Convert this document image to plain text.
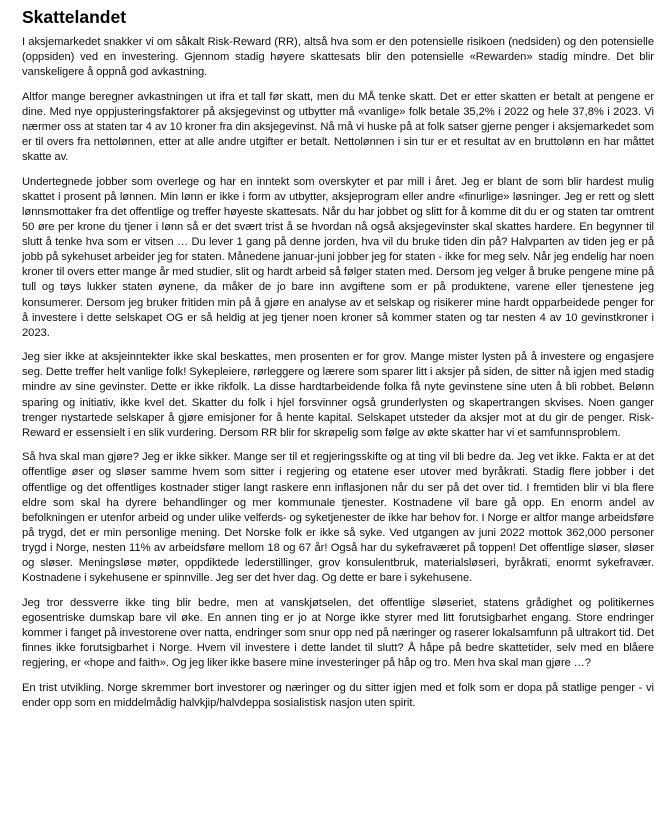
Skattelandet

I aksjemarkedet snakker vi om såkalt Risk-Reward (RR), altså hva som er den potensielle risikoen (nedsiden) og den potensielle (oppsiden) ved en investering. Gjennom stadig høyere skattesats blir den potensielle «Rewarden» stadig mindre. Det blir vanskeligere å oppnå god avkastning.

Altfor mange beregner avkastningen ut ifra et tall før skatt, men du MÅ tenke skatt. Det er etter skatten er betalt at pengene er dine. Med nye oppjusteringsfaktorer på aksjegevinst og utbytter må «vanlige» folk betale 35,2% i 2022 og hele 37,8% i 2023. Vi nærmer oss at staten tar 4 av 10 kroner fra din aksjegevinst. Nå må vi huske på at folk satser gjerne penger i aksjemarkedet som er til overs fra nettolønnen, etter at alle andre utgifter er betalt. Nettolønnen i sin tur er et resultat av en bruttolønn en har måttet skatte av.

Undertegnede jobber som overlege og har en inntekt som overskyter et par mill i året. Jeg er blant de som blir hardest mulig skattet i prosent på lønnen. Min lønn er ikke i form av utbytter, aksjeprogram eller andre «finurlige» løsninger. Jeg er rett og slett lønnsmottaker fra det offentlige og treffer høyeste skattesats. Når du har jobbet og slitt for å komme dit du er og staten tar omtrent 50 øre per krone du tjener i lønn så er det svært trist å se hvordan nå også aksjegevinster skal skattes hardere. En begynner til slutt å tenke hva som er vitsen … Du lever 1 gang på denne jorden, hva vil du bruke tiden din på? Halvparten av tiden jeg er på jobb på sykehuset arbeider jeg for staten. Månedene januar-juni jobber jeg for staten - ikke for meg selv. Når jeg endelig har noen kroner til overs etter mange år med studier, slit og hardt arbeid så følger staten med. Dersom jeg velger å bruke pengene mine på tull og tøys lukker staten øynene, da måker de jo bare inn avgiftene som er på produktene, varene eller tjenestene jeg konsumerer. Dersom jeg bruker fritiden min på å gjøre en analyse av et selskap og risikerer mine hardt opparbeidede penger for å investere i dette selskapet OG er så heldig at jeg tjener noen kroner så kommer staten og tar nesten 4 av 10 gevinstkroner i 2023.

Jeg sier ikke at aksjeinntekter ikke skal beskattes, men prosenten er for grov. Mange mister lysten på å investere og engasjere seg. Dette treffer helt vanlige folk! Sykepleiere, rørleggere og lærere som sparer litt i aksjer på siden, de sitter nå igjen med stadig mindre av sine gevinster. Dette er ikke rikfolk. La disse hardtarbeidende folka få nyte gevinstene sine uten å bli robbet. Belønn sparing og initiativ, ikke kvel det. Skatter du folk i hjel forsvinner også grunderlysten og skapertrangen skvises. Noen ganger trenger nystartede selskaper å gjøre emisjoner for å hente kapital. Selskapet utsteder da aksjer mot at du gir de penger. Risk-Reward er essensielt i en slik vurdering. Dersom RR blir for skrøpelig som følge av økte skatter har vi et samfunnsproblem.

Så hva skal man gjøre? Jeg er ikke sikker. Mange ser til et regjeringsskifte og at ting vil bli bedre da. Jeg vet ikke. Fakta er at det offentlige øser og sløser samme hvem som sitter i regjering og etatene eser utover med byråkrati. Stadig flere jobber i det offentlige og det offentliges kostnader stiger langt raskere enn inflasjonen når du ser på det over tid. I fremtiden blir vi bla flere eldre som skal ha dyrere behandlinger og mer kommunale tjenester. Kostnadene vil bare gå opp. En enorm andel av befolkningen er utenfor arbeid og under ulike velferds- og syketjenester de ikke har behov for. I Norge er altfor mange arbeidsføre på trygd, det er min personlige mening. Det Norske folk er ikke så syke. Ved utgangen av juni 2022 mottok 362,000 personer trygd i Norge, nesten 11% av arbeidsføre mellom 18 og 67 år! Også har du sykefraværet på toppen! Det offentlige sløser, sløser og sløser. Meningsløse møter, oppdiktede lederstillinger, grov konsulentbruk, materialsløseri, byråkrati, enormt sykefravær. Kostnadene i sykehusene er spinnville. Jeg ser det hver dag. Og dette er bare i sykehusene.

Jeg tror dessverre ikke ting blir bedre, men at vanskjøtselen, det offentlige sløseriet, statens grådighet og politikernes egosentriske dumskap bare vil øke. En annen ting er jo at Norge ikke styrer med litt forutsigbarhet engang. Store endringer kommer i fanget på investorene over natta, endringer som snur opp ned på næringer og raserer lokalsamfunn på ultrakort tid. Det finnes ikke forutsigbarhet i Norge. Hvem vil investere i dette landet til slutt? Å håpe på bedre skattetider, selv med en blåere regjering, er «hope and faith». Og jeg liker ikke basere mine investeringer på håp og tro. Men hva skal man gjøre …?

En trist utvikling. Norge skremmer bort investorer og næringer og du sitter igjen med et folk som er dopa på statlige penger - vi ender opp som en middelmådig halvkjip/halvdeppa sosialistisk nasjon uten spirit.
